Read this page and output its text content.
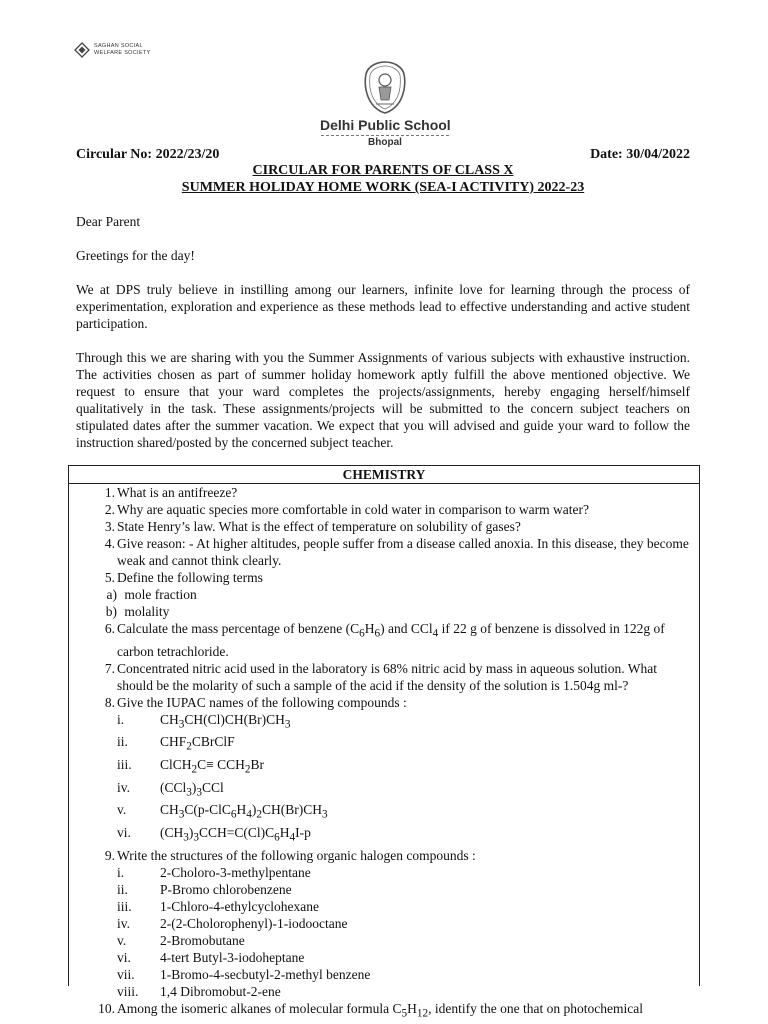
SAGHAN SOCIAL
WELFARE SOCIETY
Delhi Public School
Bhopal
Circular No: 2022/23/20	Date: 30/04/2022
CIRCULAR FOR PARENTS OF CLASS X
SUMMER HOLIDAY HOME WORK (SEA-I ACTIVITY) 2022-23
Dear Parent
Greetings for the day!
We at DPS truly believe in instilling among our learners, infinite love for learning through the process of experimentation, exploration and experience as these methods lead to effective understanding and active student participation.
Through this we are sharing with you the Summer Assignments of various subjects with exhaustive instruction. The activities chosen as part of summer holiday homework aptly fulfill the above mentioned objective. We request to ensure that your ward completes the projects/assignments, hereby engaging herself/himself qualitatively in the task. These assignments/projects will be submitted to the concern subject teachers on stipulated dates after the summer vacation. We expect that you will advised and guide your ward to follow the instruction shared/posted by the concerned subject teacher.
CHEMISTRY
1. What is an antifreeze?
2. Why are aquatic species more comfortable in cold water in comparison to warm water?
3. State Henry’s law. What is the effect of temperature on solubility of gases?
4. Give reason: - At higher altitudes, people suffer from a disease called anoxia. In this disease, they become weak and cannot think clearly.
5. Define the following terms
a) mole fraction
b) molality
6. Calculate the mass percentage of benzene $(C_6H_6)$ and CCl$_4$ if 22 g of benzene is dissolved in 122g of carbon tetrachloride.
7. Concentrated nitric acid used in the laboratory is 68% nitric acid by mass in aqueous solution. What should be the molarity of such a sample of the acid if the density of the solution is 1.504g ml-?
8. Give the IUPAC names of the following compounds :
i.	$CH_3CH(Cl)CH(Br)CH_3$
ii. $CHF_2CBrClF$
iii. ClCH$_2$C≡ $CCH_2Br$
iv. $(CCl_3)_3CCl$
v.	$CH_3C(p-ClC_6H_4)_2CH(Br)CH_3$
vi. $(CH_3)_3CCH=C(Cl)C_6H_4I-p$
9. Write the structures of the following organic halogen compounds :
i.	2-Choloro-3-methylpentane
ii. P-Bromo chlorobenzene
iii. 1-Chloro-4-ethylcyclohexane
iv. 2-(2-Cholorophenyl)-1-iodooctane
v.	2-Bromobutane
vi. 4-tert Butyl-3-iodoheptane
vii. 1-Bromo-4-secbutyl-2-methyl benzene
viii. 1,4 Dibromobut-2-ene
10. Among the isomeric alkanes of molecular formula $C_5H_{12}$, identify the one that on photochemical
